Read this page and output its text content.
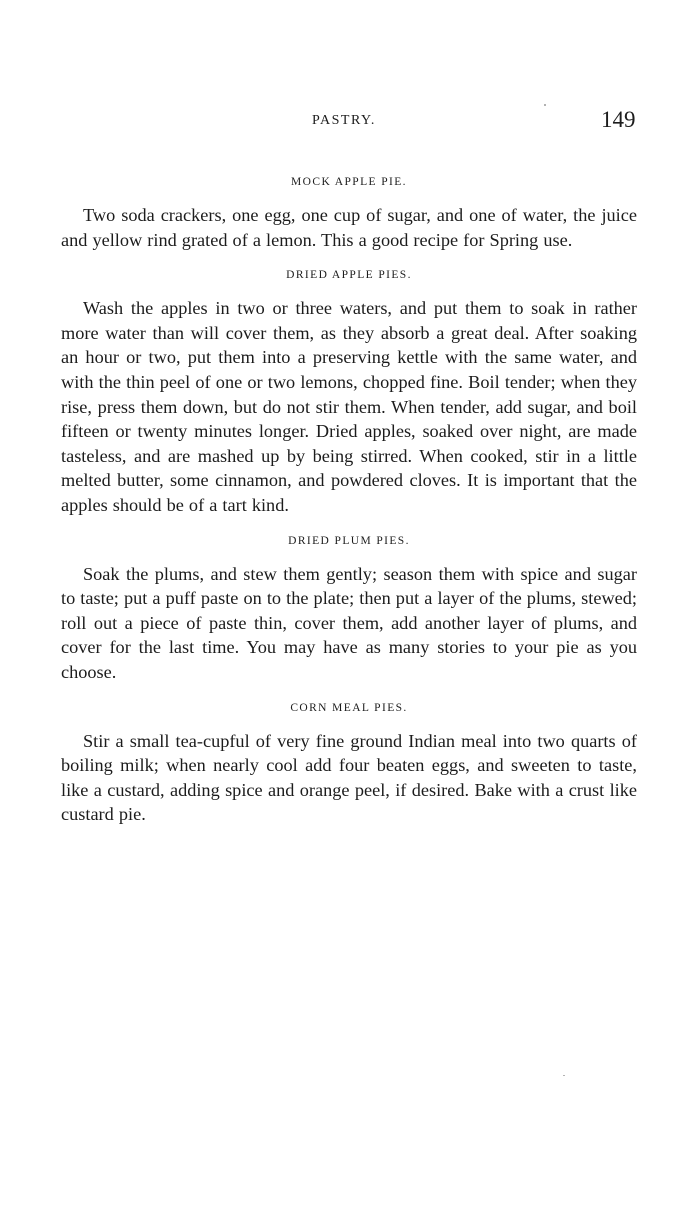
PASTRY.	149
MOCK APPLE PIE.

Two soda crackers, one egg, one cup of sugar, and one of water, the juice and yellow rind grated of a lemon. This a good recipe for Spring use.

DRIED APPLE PIES.

Wash the apples in two or three waters, and put them to soak in rather more water than will cover them, as they absorb a great deal. After soaking an hour or two, put them into a preserving kettle with the same water, and with the thin peel of one or two lemons, chopped fine. Boil tender; when they rise, press them down, but do not stir them. When tender, add sugar, and boil fifteen or twenty minutes longer. Dried apples, soaked over night, are made tasteless, and are mashed up by being stirred. When cooked, stir in a little melted butter, some cinnamon, and powdered cloves. It is important that the apples should be of a tart kind.

DRIED PLUM PIES.

Soak the plums, and stew them gently; season them with spice and sugar to taste; put a puff paste on to the plate; then put a layer of the plums, stewed; roll out a piece of paste thin, cover them, add another layer of plums, and cover for the last time. You may have as many stories to your pie as you choose.

CORN MEAL PIES.

Stir a small tea-cupful of very fine ground Indian meal into two quarts of boiling milk; when nearly cool add four beaten eggs, and sweeten to taste, like a custard, adding spice and orange peel, if desired. Bake with a crust like custard pie.
